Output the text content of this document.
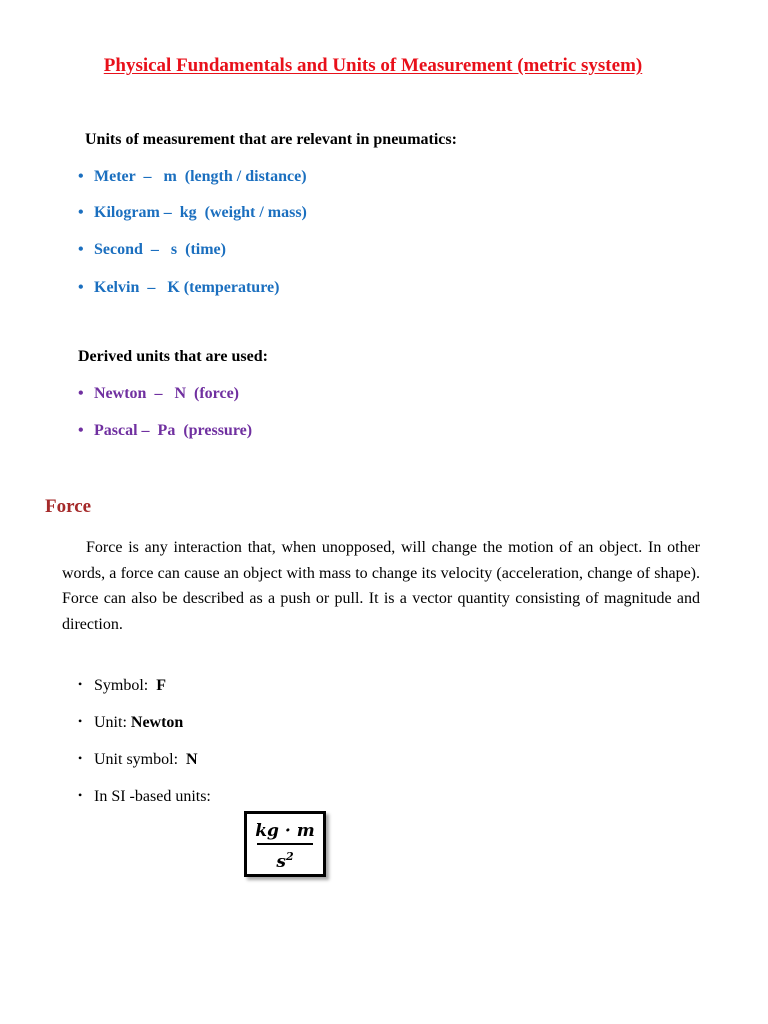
Physical Fundamentals and Units of Measurement (metric system)
Units of measurement that are relevant in pneumatics:
• Meter  –   m  (length / distance)
• Kilogram –  kg  (weight / mass)
• Second  –   s  (time)
• Kelvin  –   K (temperature)
Derived units that are used:
• Newton  –   N  (force)
• Pascal –  Pa  (pressure)
Force
Force is any interaction that, when unopposed, will change the motion of an object. In other words, a force can cause an object with mass to change its velocity (acceleration, change of shape). Force can also be described as a push or pull. It is a vector quantity consisting of magnitude and direction.
• Symbol:  F
• Unit: Newton
• Unit symbol:  N
• In SI -based units:
kg · m
$s^2$
